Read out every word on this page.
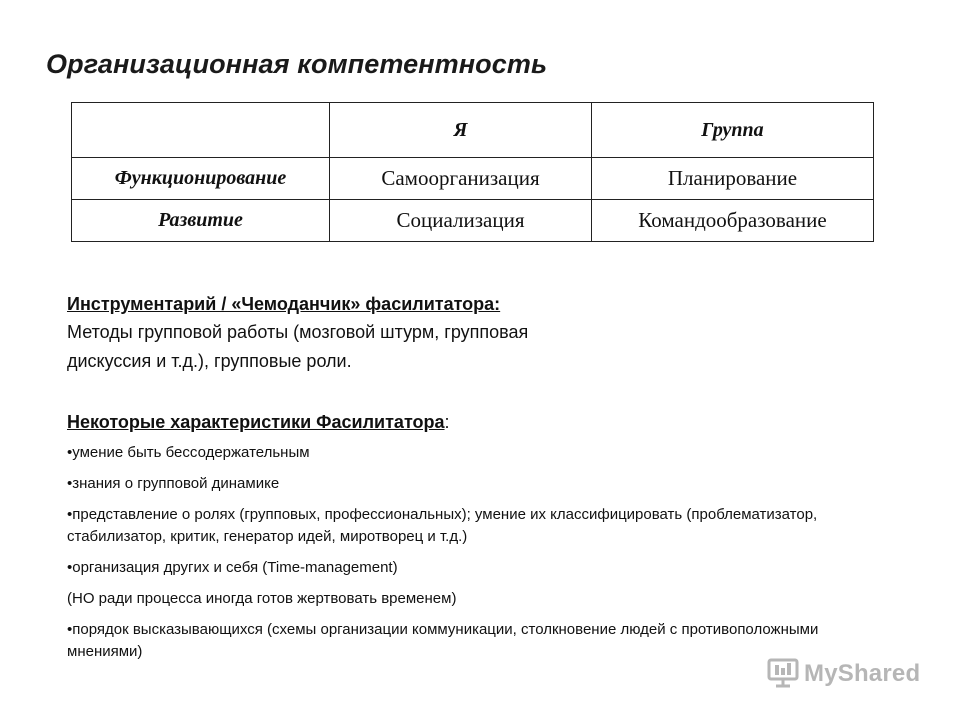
Организационная компетентность
	Я	Группа
Функционирование	Самоорганизация	Планирование
Развитие	Социализация	Командообразование
Инструментарий / «Чемоданчик» фасилитатора:
Методы групповой работы (мозговой штурм, групповая дискуссия и т.д.), групповые роли.
Некоторые характеристики Фасилитатора:
•умение быть бессодержательным
•знания о групповой динамике
•представление о ролях (групповых, профессиональных); умение их классифицировать (проблематизатор, стабилизатор, критик, генератор идей, миротворец и т.д.)
•организация других и себя (Time-management)
(НО ради процесса иногда готов жертвовать временем)
•порядок высказывающихся (схемы организации коммуникации, столкновение людей с противоположными мнениями)
MyShared
